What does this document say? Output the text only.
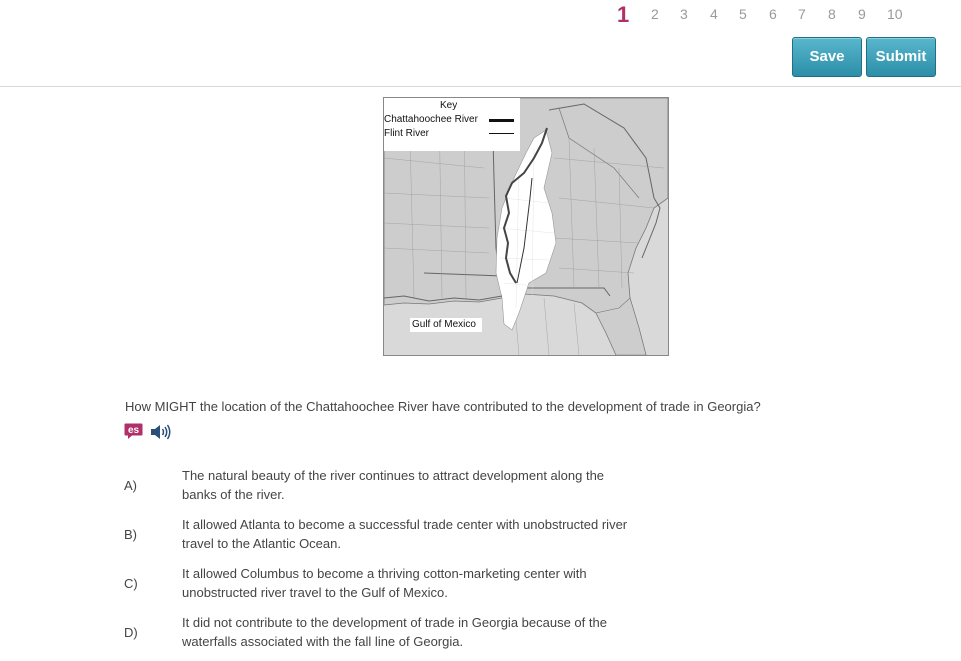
1 2 3 4 5 6 7 8 9 10
Save	Submit
Key
Chattahoochee River
Flint River
Gulf of Mexico
How MIGHT the location of the Chattahoochee River have contributed to the development of trade in Georgia?
es
A)
The natural beauty of the river continues to attract development along the banks of the river.
B)
It allowed Atlanta to become a successful trade center with unobstructed river travel to the Atlantic Ocean.
C)
It allowed Columbus to become a thriving cotton-marketing center with unobstructed river travel to the Gulf of Mexico.
D)
It did not contribute to the development of trade in Georgia because of the waterfalls associated with the fall line of Georgia.
